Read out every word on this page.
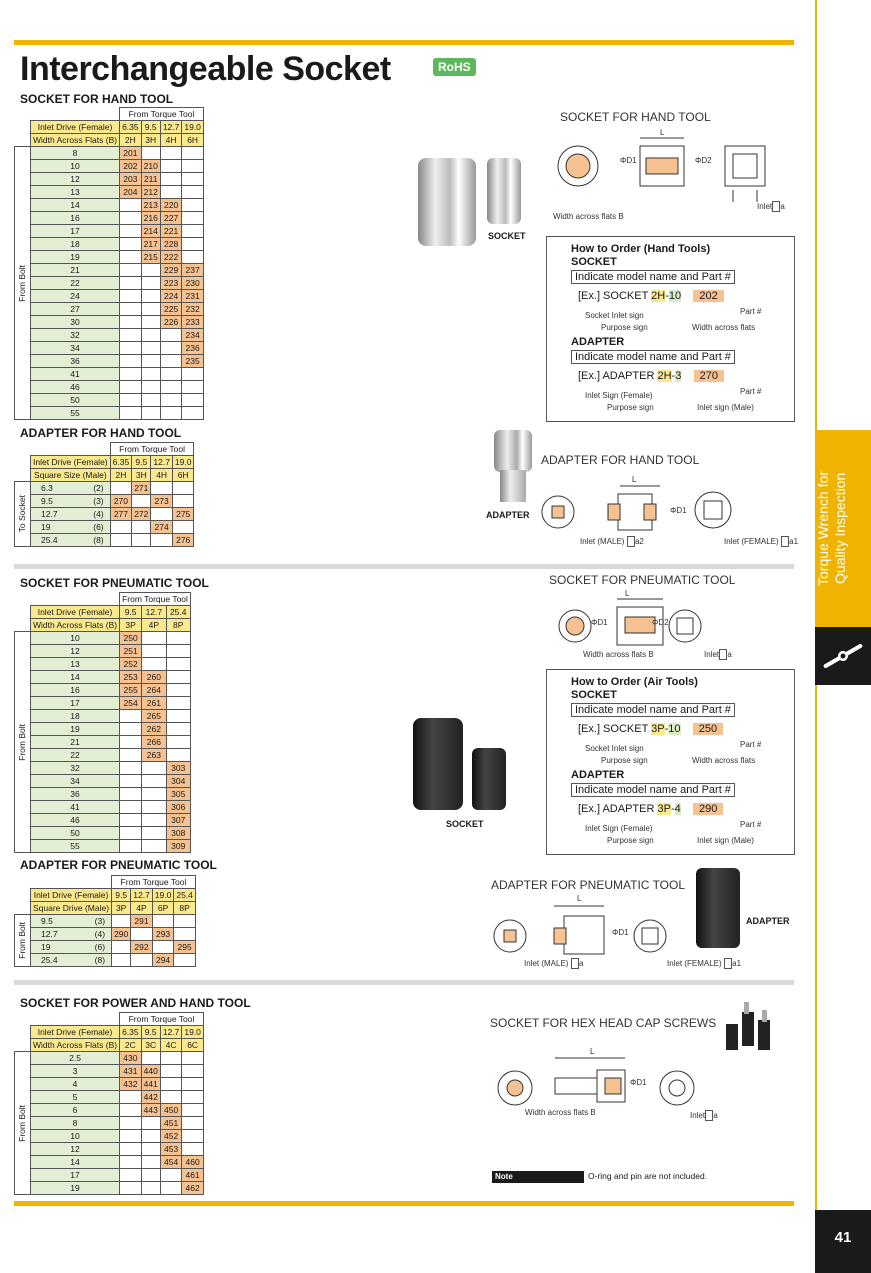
Interchangeable Socket	RoHS
Torque Wrench for
Quality Inspection
41
SOCKET FOR HAND TOOL
ADAPTER FOR HAND TOOL
SOCKET FOR PNEUMATIC TOOL
ADAPTER FOR PNEUMATIC TOOL
SOCKET FOR POWER AND HAND TOOL
		From Torque Tool			
	Inlet Drive (Female)	6.35	9.5	12.7	19.0
	Width Across Flats (B)	2H	3H	4H	6H

From Bolt	8	201			
	10	202	210		
	12	203	211		
	13	204	212		
	14		213	220	
	16		216	227	
	17		214	221	
	18		217	228	
	19		215	222	
	21			229	237
	22			223	230
	24			224	231
	27			225	232
	30			226	233
	32				234
	34				236
	36				235
	41				
	46				
	50				
	55				
		From Torque Tool			
	Inlet Drive (Female)	6.35	9.5	12.7	19.0
	Square Size (Male)	2H	3H	4H	6H

To Socket	6.3 (2)		271		
	9.5 (3)	270		273	
	12.7 (4)	277	272		275
	19 (6)			274	
	25.4 (8)				276
		From Torque Tool		
	Inlet Drive (Female)	9.5	12.7	25.4
	Width Across Flats (B)	3P	4P	8P

From Bolt	10	250		
	12	251		
	13	252		
	14	253	260	
	16	255	264	
	17	254	261	
	18		265	
	19		262	
	21		266	
	22		263	
	32			303
	34			304
	36			305
	41			306
	46			307
	50			308
	55			309
		From Torque Tool			
	Inlet Drive (Female)	9.5	12.7	19.0	25.4
	Square Drive (Male)	3P	4P	6P	8P

From Bolt	9.5 (3)		291		
	12.7 (4)	290		293	
	19 (6)		292		295
	25.4 (8)			294	
		From Torque Tool			
	Inlet Drive (Female)	6.35	9.5	12.7	19.0
	Width Across Flats (B)	2C	3C	4C	6C

From Bolt	2.5	430			
	3	431	440		
	4	432	441		
	5		442		
	6		443	450	
	8			451	
	10			452	
	12			453	
	14			454	460
	17				461
	19				462
SOCKET
ADAPTER
SOCKET
ADAPTER
SOCKET FOR HAND TOOL
L
ΦD1	ΦD2
Width across flats B
Inlet a
How to Order (Hand Tools)
SOCKET
Indicate model name and Part #
[Ex.] SOCKET 2H-10 202
Part #
Socket Inlet sign
Purpose sign	Width across flats
ADAPTER
Indicate model name and Part #
[Ex.] ADAPTER 2H-3 270
Part #
Inlet Sign (Female)
Purpose sign	Inlet sign (Male)
ADAPTER FOR HAND TOOL
L
ΦD1
Inlet (MALE) a2	Inlet (FEMALE) a1
SOCKET FOR PNEUMATIC TOOL
L
ΦD1	ΦD2
Width across flats B	Inlet a
How to Order (Air Tools)
SOCKET
Indicate model name and Part #
[Ex.] SOCKET 3P-10 250
Part #
Socket Inlet sign
Purpose sign	Width across flats
ADAPTER
Indicate model name and Part #
[Ex.] ADAPTER 3P-4 290
Part #
Inlet Sign (Female)
Purpose sign	Inlet sign (Male)
ADAPTER FOR PNEUMATIC TOOL
L
ΦD1
Inlet (MALE) a	Inlet (FEMALE) a1
SOCKET FOR HEX HEAD CAP SCREWS
L
ΦD1
Width across flats B	Inlet a
Note	O-ring and pin are not included.
